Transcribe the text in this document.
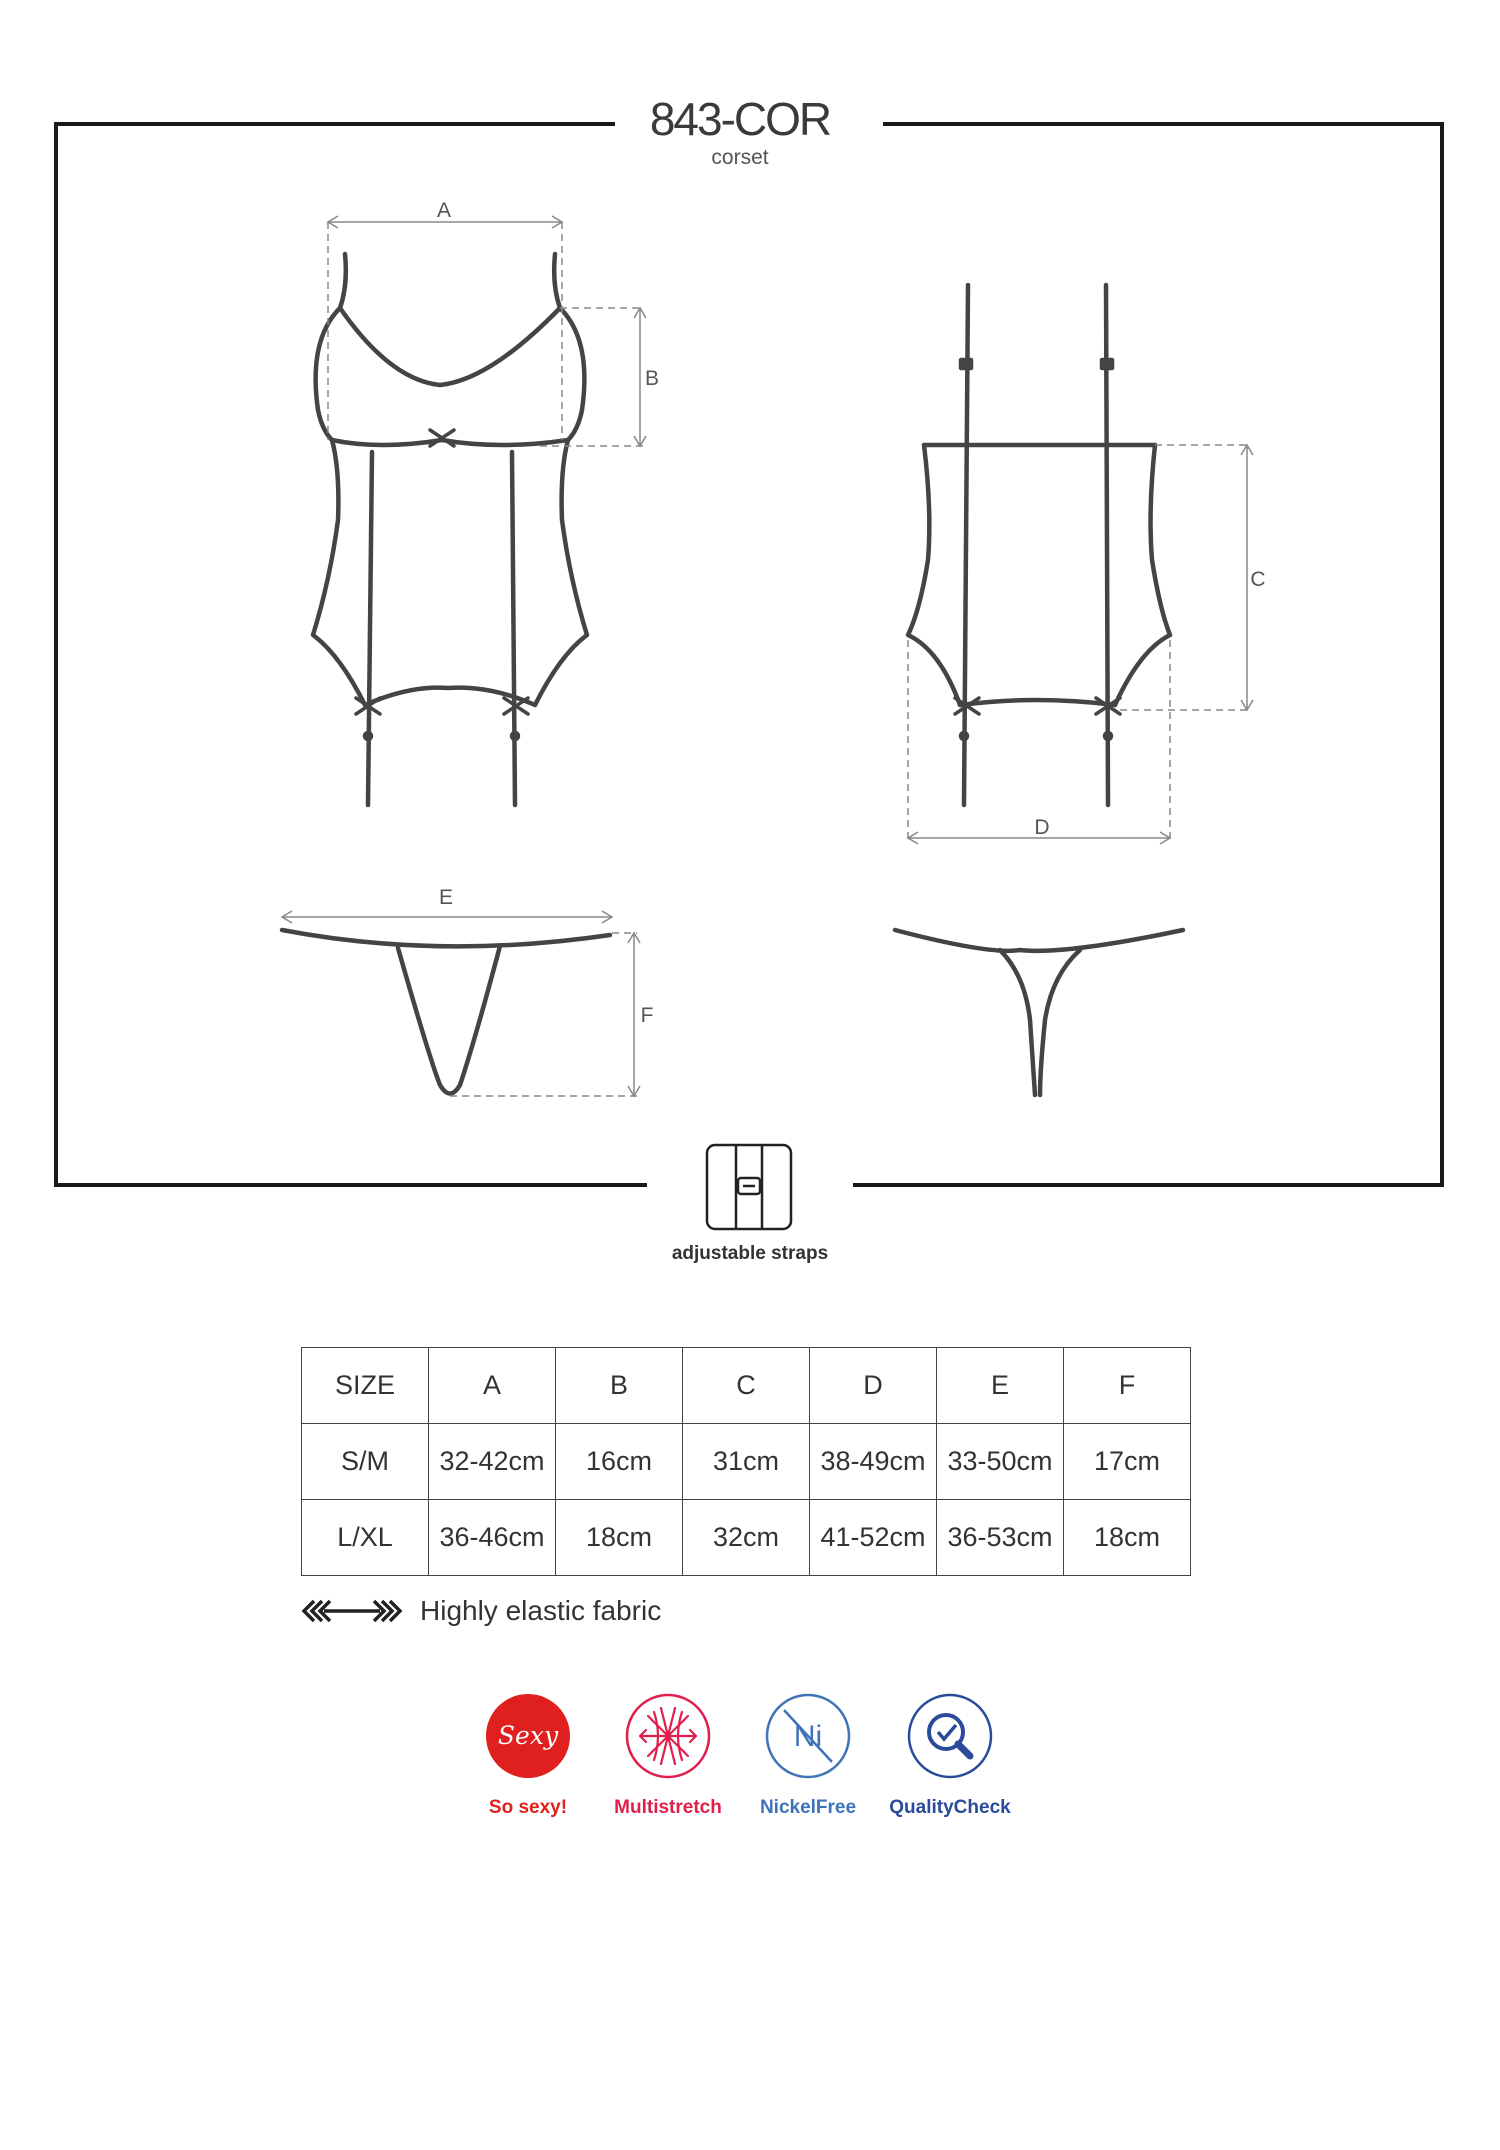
A
B
C
D
E
F
843-COR
corset
adjustable straps
SIZE	A	B	C	D	E	F
S/M	32-42cm	16cm	31cm	38-49cm	33-50cm	17cm
L/XL	36-46cm	18cm	32cm	41-52cm	36-53cm	18cm
Highly elastic fabric
Sexy
So sexy!	Multistretch
Ni
NickelFree	QualityCheck
